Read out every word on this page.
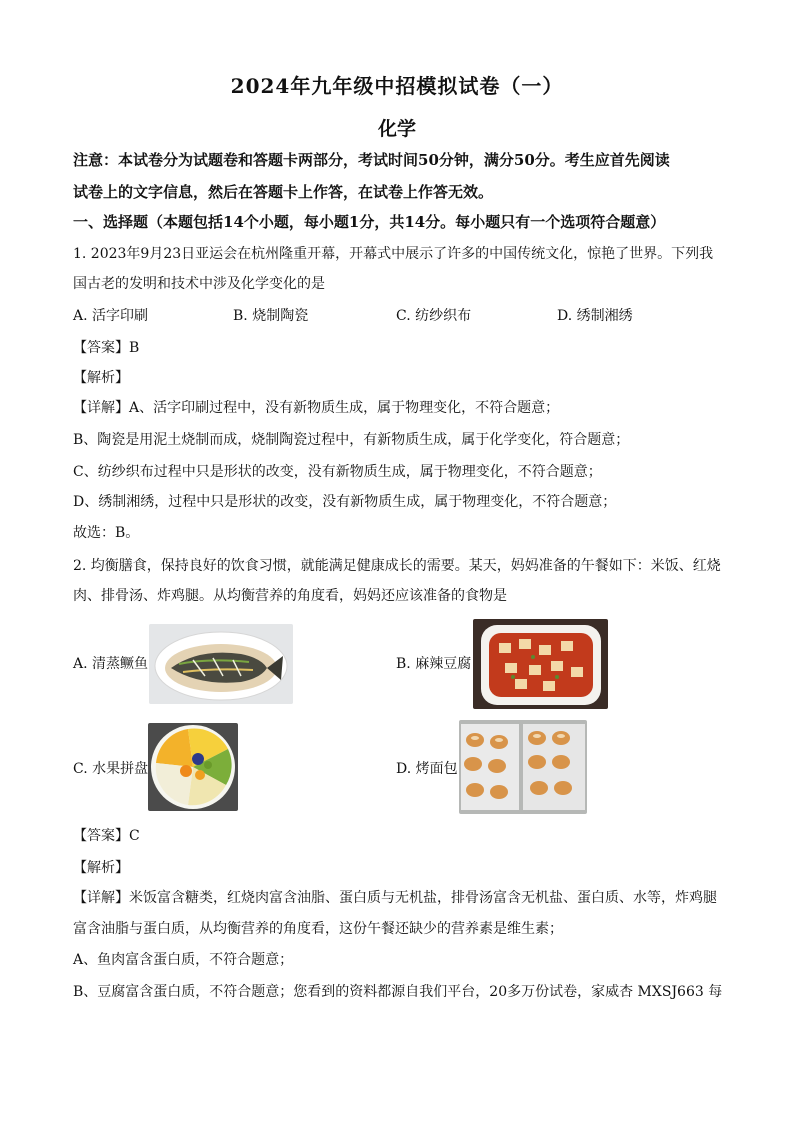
2024年九年级中招模拟试卷（一）
化学
注意：本试卷分为试题卷和答题卡两部分，考试时间50分钟，满分50分。考生应首先阅读
试卷上的文字信息，然后在答题卡上作答，在试卷上作答无效。
一、选择题（本题包括14个小题，每小题1分，共14分。每小题只有一个选项符合题意）
1. 2023年9月23日亚运会在杭州隆重开幕，开幕式中展示了许多的中国传统文化，惊艳了世界。下列我
国古老的发明和技术中涉及化学变化的是
A. 活字印刷	B. 烧制陶瓷	C. 纺纱织布	D. 绣制湘绣
【答案】B
【解析】
【详解】A、活字印刷过程中，没有新物质生成，属于物理变化，不符合题意；
B、陶瓷是用泥土烧制而成，烧制陶瓷过程中，有新物质生成，属于化学变化，符合题意；
C、纺纱织布过程中只是形状的改变，没有新物质生成，属于物理变化，不符合题意；
D、绣制湘绣，过程中只是形状的改变，没有新物质生成，属于物理变化，不符合题意；
故选：B。
2. 均衡膳食，保持良好的饮食习惯，就能满足健康成长的需要。某天，妈妈准备的午餐如下：米饭、红烧
肉、排骨汤、炸鸡腿。从均衡营养的角度看，妈妈还应该准备的食物是
A. 清蒸鳜鱼	B. 麻辣豆腐
C. 水果拼盘	D. 烤面包
【答案】C
【解析】
【详解】米饭富含糖类，红烧肉富含油脂、蛋白质与无机盐，排骨汤富含无机盐、蛋白质、水等，炸鸡腿
富含油脂与蛋白质，从均衡营养的角度看，这份午餐还缺少的营养素是维生素；
A、鱼肉富含蛋白质，不符合题意；
B、豆腐富含蛋白质，不符合题意；您看到的资料都源自我们平台，20多万份试卷，家威杏 MXSJ663 每
